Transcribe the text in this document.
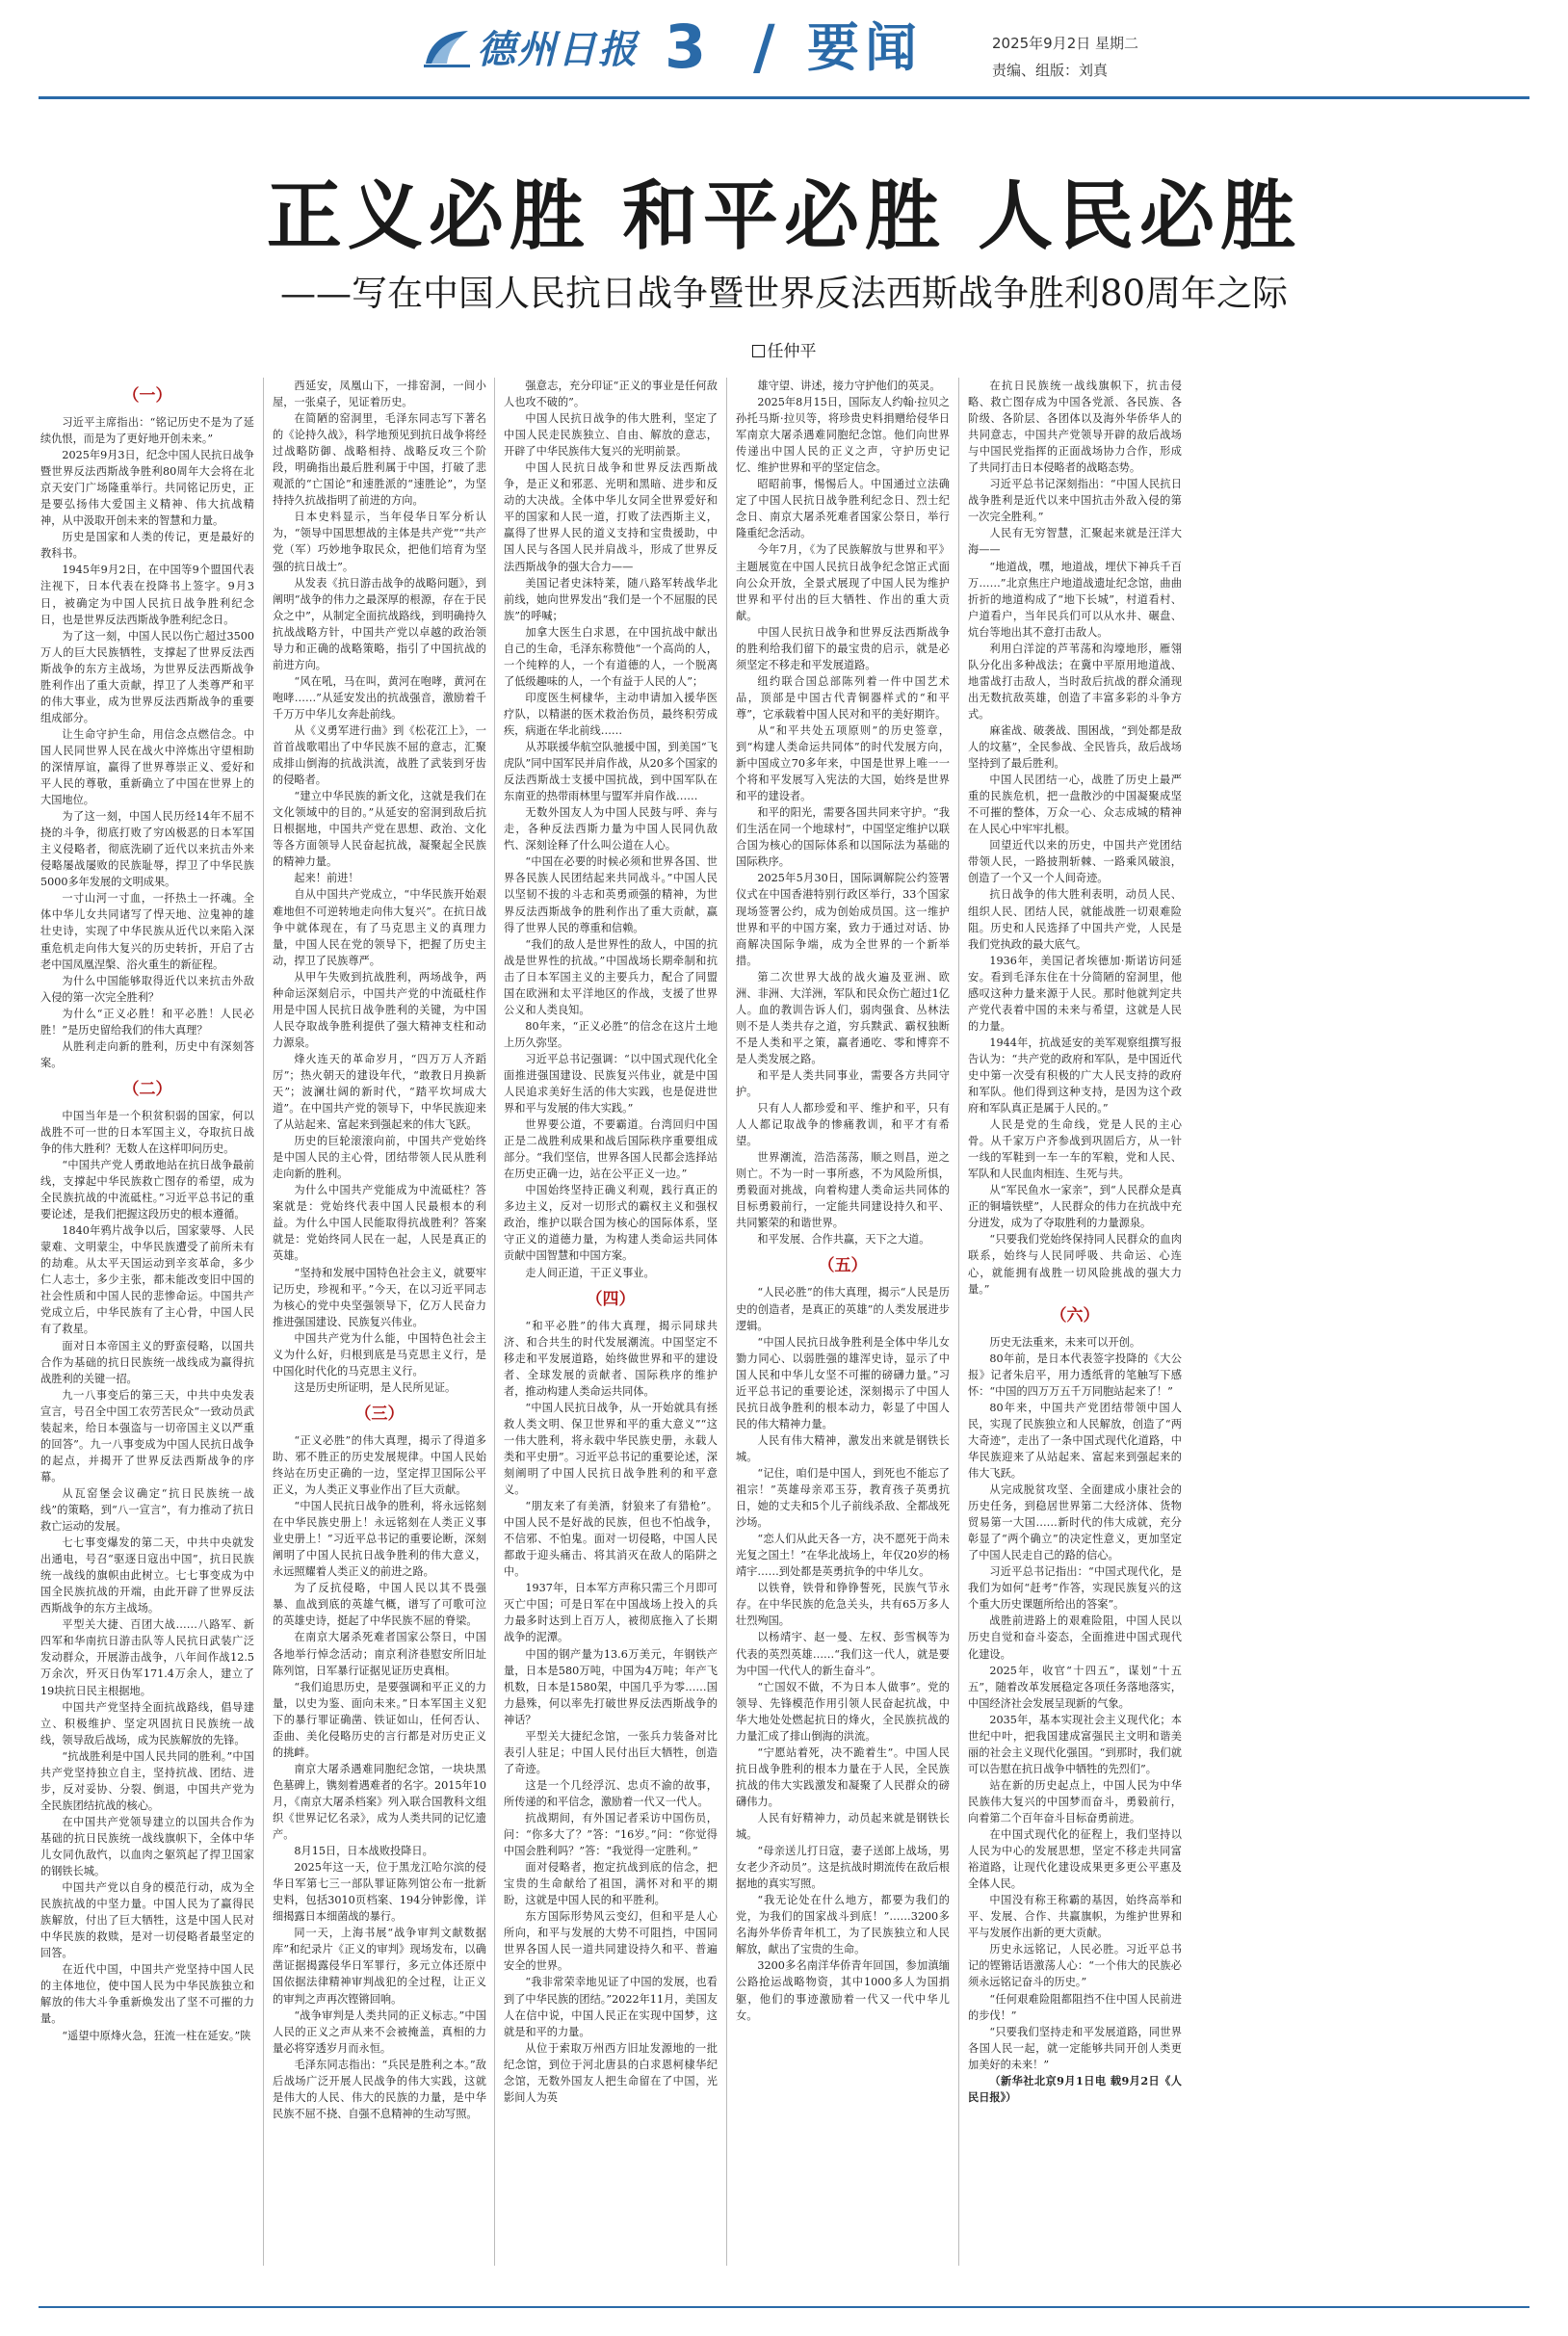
德州日报 3 / 要闻	2025年9月2日 星期二
责编、组版：刘真
正义必胜 和平必胜 人民必胜
——写在中国人民抗日战争暨世界反法西斯战争胜利80周年之际
任仲平

（一）

习近平主席指出：“铭记历史不是为了延续仇恨，而是为了更好地开创未来。”

2025年9月3日，纪念中国人民抗日战争暨世界反法西斯战争胜利80周年大会将在北京天安门广场隆重举行。共同铭记历史，正是要弘扬伟大爱国主义精神、伟大抗战精神，从中汲取开创未来的智慧和力量。

历史是国家和人类的传记，更是最好的教科书。

1945年9月2日，在中国等9个盟国代表注视下，日本代表在投降书上签字。9月3日，被确定为中国人民抗日战争胜利纪念日，也是世界反法西斯战争胜利纪念日。

为了这一刻，中国人民以伤亡超过3500万人的巨大民族牺牲，支撑起了世界反法西斯战争的东方主战场，为世界反法西斯战争胜利作出了重大贡献，捍卫了人类尊严和平的伟大事业，成为世界反法西斯战争的重要组成部分。

让生命守护生命，用信念点燃信念。中国人民同世界人民在战火中淬炼出守望相助的深情厚谊，赢得了世界尊崇正义、爱好和平人民的尊敬，重新确立了中国在世界上的大国地位。

为了这一刻，中国人民历经14年不屈不挠的斗争，彻底打败了穷凶极恶的日本军国主义侵略者，彻底洗刷了近代以来抗击外来侵略屡战屡败的民族耻辱，捍卫了中华民族5000多年发展的文明成果。

一寸山河一寸血，一抔热土一抔魂。全体中华儿女共同诸写了悍天地、泣鬼神的雄壮史诗，实现了中华民族从近代以来陷入深重危机走向伟大复兴的历史转折，开启了古老中国凤凰涅槃、浴火重生的新征程。

为什么中国能够取得近代以来抗击外敌入侵的第一次完全胜利？

为什么“正义必胜！和平必胜！人民必胜！”是历史留给我们的伟大真理？

从胜利走向新的胜利，历史中有深刻答案。

（二）

中国当年是一个积贫积弱的国家，何以战胜不可一世的日本军国主义，夺取抗日战争的伟大胜利？无数人在这样叩问历史。

“中国共产党人勇敢地站在抗日战争最前线，支撑起中华民族救亡图存的希望，成为全民族抗战的中流砥柱。”习近平总书记的重要论述，是我们把握这段历史的根本遵循。

1840年鸦片战争以后，国家蒙辱、人民蒙难、文明蒙尘，中华民族遭受了前所未有的劫难。从太平天国运动到辛亥革命，多少仁人志士，多少主张，都未能改变旧中国的社会性质和中国人民的悲惨命运。中国共产党成立后，中华民族有了主心骨，中国人民有了救星。

面对日本帝国主义的野蛮侵略，以国共合作为基础的抗日民族统一战线成为赢得抗战胜利的关键一招。

九一八事变后的第三天，中共中央发表宣言，号召全中国工农劳苦民众“一致动员武装起来，给日本强盗与一切帝国主义以严重的回答”。九一八事变成为中国人民抗日战争的起点，并揭开了世界反法西斯战争的序幕。

从瓦窑堡会议确定“抗日民族统一战线”的策略，到“八一宣言”，有力推动了抗日救亡运动的发展。

七七事变爆发的第二天，中共中央就发出通电，号召“驱逐日寇出中国”，抗日民族统一战线的旗帜由此树立。七七事变成为中国全民族抗战的开端，由此开辟了世界反法西斯战争的东方主战场。

平型关大捷、百团大战……八路军、新四军和华南抗日游击队等人民抗日武装广泛发动群众，开展游击战争，八年间作战12.5万余次，歼灭日伪军171.4万余人，建立了19块抗日民主根据地。

中国共产党坚持全面抗战路线，倡导建立、积极维护、坚定巩固抗日民族统一战线，领导敌后战场，成为民族解放的先锋。

“抗战胜利是中国人民共同的胜利。”中国共产党坚持独立自主，坚持抗战、团结、进步，反对妥协、分裂、倒退，中国共产党为全民族团结抗战的核心。

在中国共产党领导建立的以国共合作为基础的抗日民族统一战线旗帜下，全体中华儿女同仇敌忾，以血肉之躯筑起了捍卫国家的钢铁长城。

中国共产党以自身的模范行动，成为全民族抗战的中坚力量。中国人民为了赢得民族解放，付出了巨大牺牲，这是中国人民对中华民族的救赎，是对一切侵略者最坚定的回答。

在近代中国，中国共产党坚持中国人民的主体地位，使中国人民为中华民族独立和解放的伟大斗争重新焕发出了坚不可摧的力量。

“遥望中原烽火急，狂流一柱在延安。”陕

西延安，凤凰山下，一排窑洞，一间小屋，一张桌子，见证着历史。

在简陋的窑洞里，毛泽东同志写下著名的《论持久战》，科学地预见到抗日战争将经过战略防御、战略相持、战略反攻三个阶段，明确指出最后胜利属于中国，打破了悲观派的“亡国论”和速胜派的“速胜论”，为坚持持久抗战指明了前进的方向。

日本史料显示，当年侵华日军分析认为，“领导中国思想战的主体是共产党”“共产党（军）巧妙地争取民众，把他们培育为坚强的抗日战士”。

从发表《抗日游击战争的战略问题》，到阐明“战争的伟力之最深厚的根源，存在于民众之中”，从制定全面抗战路线，到明确持久抗战战略方针，中国共产党以卓越的政治领导力和正确的战略策略，指引了中国抗战的前进方向。

“风在吼，马在叫，黄河在咆哮，黄河在咆哮……”从延安发出的抗战强音，激励着千千万万中华儿女奔赴前线。

从《义勇军进行曲》到《松花江上》，一首首战歌唱出了中华民族不屈的意志，汇聚成排山倒海的抗战洪流，战胜了武装到牙齿的侵略者。

“建立中华民族的新文化，这就是我们在文化领域中的目的。”从延安的窑洞到敌后抗日根据地，中国共产党在思想、政治、文化等各方面领导人民奋起抗战，凝聚起全民族的精神力量。

起来！前进！

自从中国共产党成立，“中华民族开始艰难地但不可逆转地走向伟大复兴”。在抗日战争中就体现在，有了马克思主义的真理力量，中国人民在党的领导下，把握了历史主动，捍卫了民族尊严。

从甲午失败到抗战胜利，两场战争，两种命运深刻启示，中国共产党的中流砥柱作用是中国人民抗日战争胜利的关键，为中国人民夺取战争胜利提供了强大精神支柱和动力源泉。

烽火连天的革命岁月，“四万万人齐蹈厉”；热火朝天的建设年代，“敢教日月换新天”；波澜壮阔的新时代，“踏平坎坷成大道”。在中国共产党的领导下，中华民族迎来了从站起来、富起来到强起来的伟大飞跃。

历史的巨轮滚滚向前，中国共产党始终是中国人民的主心骨，团结带领人民从胜利走向新的胜利。

为什么中国共产党能成为中流砥柱？答案就是：党始终代表中国人民最根本的利益。为什么中国人民能取得抗战胜利？答案就是：党始终同人民在一起，人民是真正的英雄。

“坚持和发展中国特色社会主义，就要牢记历史，珍视和平。”今天，在以习近平同志为核心的党中央坚强领导下，亿万人民奋力推进强国建设、民族复兴伟业。

中国共产党为什么能，中国特色社会主义为什么好，归根到底是马克思主义行，是中国化时代化的马克思主义行。

这是历史所证明，是人民所见证。

（三）

“正义必胜”的伟大真理，揭示了得道多助、邪不胜正的历史发展规律。中国人民始终站在历史正确的一边，坚定捍卫国际公平正义，为人类正义事业作出了巨大贡献。

“中国人民抗日战争的胜利，将永远铭刻在中华民族史册上！永远铭刻在人类正义事业史册上！”习近平总书记的重要论断，深刻阐明了中国人民抗日战争胜利的伟大意义，永远照耀着人类正义的前进之路。

为了反抗侵略，中国人民以其不畏强暴、血战到底的英雄气概，谱写了可歌可泣的英雄史诗，挺起了中华民族不屈的脊梁。

在南京大屠杀死难者国家公祭日，中国各地举行悼念活动；南京利济巷慰安所旧址陈列馆，日军暴行证据见证历史真相。

“我们追思历史，是要强调和平正义的力量，以史为鉴、面向未来。”日本军国主义犯下的暴行罪证确凿、铁证如山，任何否认、歪曲、美化侵略历史的言行都是对历史正义的挑衅。

南京大屠杀遇难同胞纪念馆，一块块黑色墓碑上，镌刻着遇难者的名字。2015年10月，《南京大屠杀档案》列入联合国教科文组织《世界记忆名录》，成为人类共同的记忆遗产。

8月15日，日本战败投降日。

2025年这一天，位于黑龙江哈尔滨的侵华日军第七三一部队罪证陈列馆公布一批新史料，包括3010页档案、194分钟影像，详细揭露日本细菌战的暴行。

同一天，上海书展“战争审判文献数据库”和纪录片《正义的审判》现场发布，以确凿证据揭露侵华日军罪行，多元立体还原中国依据法律精神审判战犯的全过程，让正义的审判之声再次铿锵回响。

“战争审判是人类共同的正义标志。”中国人民的正义之声从来不会被掩盖，真相的力量必将穿透岁月而永恒。

毛泽东同志指出：“兵民是胜利之本。”敌后战场广泛开展人民战争的伟大实践，这就是伟大的人民、伟大的民族的力量，是中华民族不屈不挠、自强不息精神的生动写照。

强意志，充分印证“正义的事业是任何敌人也攻不破的”。

中国人民抗日战争的伟大胜利，坚定了中国人民走民族独立、自由、解放的意志，开辟了中华民族伟大复兴的光明前景。

中国人民抗日战争和世界反法西斯战争，是正义和邪恶、光明和黑暗、进步和反动的大决战。全体中华儿女同全世界爱好和平的国家和人民一道，打败了法西斯主义，赢得了世界人民的道义支持和宝贵援助，中国人民与各国人民并肩战斗，形成了世界反法西斯战争的强大合力——

美国记者史沫特莱，随八路军转战华北前线，她向世界发出“我们是一个不屈服的民族”的呼喊；

加拿大医生白求恩，在中国抗战中献出自己的生命，毛泽东称赞他“一个高尚的人，一个纯粹的人，一个有道德的人，一个脱离了低级趣味的人，一个有益于人民的人”；

印度医生柯棣华，主动申请加入援华医疗队，以精湛的医术救治伤员，最终积劳成疾，病逝在华北前线……

从苏联援华航空队驰援中国，到美国“飞虎队”同中国军民并肩作战，从20多个国家的反法西斯战士支援中国抗战，到中国军队在东南亚的热带雨林里与盟军并肩作战……

无数外国友人为中国人民鼓与呼、奔与走，各种反法西斯力量为中国人民同仇敌忾、深刻诠释了什么叫公道在人心。

“中国在必要的时候必须和世界各国、世界各民族人民团结起来共同战斗。”中国人民以坚韧不拔的斗志和英勇顽强的精神，为世界反法西斯战争的胜利作出了重大贡献，赢得了世界人民的尊重和信赖。

“我们的敌人是世界性的敌人，中国的抗战是世界性的抗战。”中国战场长期牵制和抗击了日本军国主义的主要兵力，配合了同盟国在欧洲和太平洋地区的作战，支援了世界公义和人类良知。

80年来，“正义必胜”的信念在这片土地上历久弥坚。

习近平总书记强调：“以中国式现代化全面推进强国建设、民族复兴伟业，就是中国人民追求美好生活的伟大实践，也是促进世界和平与发展的伟大实践。”

世界要公道，不要霸道。台湾回归中国正是二战胜利成果和战后国际秩序重要组成部分。“我们坚信，世界各国人民都会选择站在历史正确一边，站在公平正义一边。”

中国始终坚持正确义利观，践行真正的多边主义，反对一切形式的霸权主义和强权政治，维护以联合国为核心的国际体系，坚守正义的道德力量，为构建人类命运共同体贡献中国智慧和中国方案。

走人间正道，干正义事业。

（四）

“和平必胜”的伟大真理，揭示同球共济、和合共生的时代发展潮流。中国坚定不移走和平发展道路，始终做世界和平的建设者、全球发展的贡献者、国际秩序的维护者，推动构建人类命运共同体。

“中国人民抗日战争，从一开始就具有拯救人类文明、保卫世界和平的重大意义”“这一伟大胜利，将永载中华民族史册，永载人类和平史册”。习近平总书记的重要论述，深刻阐明了中国人民抗日战争胜利的和平意义。

“朋友来了有美酒，豺狼来了有猎枪”。中国人民不是好战的民族，但也不怕战争，不信邪、不怕鬼。面对一切侵略，中国人民都敢于迎头痛击、将其消灭在敌人的陷阱之中。

1937年，日本军方声称只需三个月即可灭亡中国；可是日军在中国战场上投入的兵力最多时达到上百万人，被彻底拖入了长期战争的泥潭。

中国的钢产量为13.6万美元，年钢铁产量，日本是580万吨，中国为4万吨；年产飞机数，日本是1580架，中国几乎为零……国力悬殊，何以率先打破世界反法西斯战争的神话？

平型关大捷纪念馆，一张兵力装备对比表引人驻足；中国人民付出巨大牺牲，创造了奇迹。

这是一个几经浮沉、忠贞不渝的故事，所传递的和平信念，激励着一代又一代人。

抗战期间，有外国记者采访中国伤员，问：“你多大了？”答：“16岁。”问：“你觉得中国会胜利吗？”答：“我觉得一定胜利。”

面对侵略者，抱定抗战到底的信念，把宝贵的生命献给了祖国，满怀对和平的期盼，这就是中国人民的和平胜利。

东方国际形势风云变幻，但和平是人心所向，和平与发展的大势不可阻挡，中国同世界各国人民一道共同建设持久和平、普遍安全的世界。

“我非常荣幸地见证了中国的发展，也看到了中华民族的团结。”2022年11月，美国友人在信中说，中国人民正在实现中国梦，这就是和平的力量。

从位于索取万州西方旧址发源地的一批纪念馆，到位于河北唐县的白求恩柯棣华纪念馆，无数外国友人把生命留在了中国，光影间人为英

雄守望、讲述，接力守护他们的英灵。

2025年8月15日，国际友人约翰·拉贝之孙托马斯·拉贝等，将珍贵史料捐赠给侵华日军南京大屠杀遇难同胞纪念馆。他们向世界传递出中国人民的正义之声，守护历史记忆、维护世界和平的坚定信念。

昭昭前事，惕惕后人。中国通过立法确定了中国人民抗日战争胜利纪念日、烈士纪念日、南京大屠杀死难者国家公祭日，举行隆重纪念活动。

今年7月，《为了民族解放与世界和平》主题展览在中国人民抗日战争纪念馆正式面向公众开放，全景式展现了中国人民为维护世界和平付出的巨大牺牲、作出的重大贡献。

中国人民抗日战争和世界反法西斯战争的胜利给我们留下的最宝贵的启示，就是必须坚定不移走和平发展道路。

纽约联合国总部陈列着一件中国艺术品，顶部是中国古代青铜器样式的“和平尊”，它承载着中国人民对和平的美好期许。

从“和平共处五项原则”的历史签章，到“构建人类命运共同体”的时代发展方向，新中国成立70多年来，中国是世界上唯一一个将和平发展写入宪法的大国，始终是世界和平的建设者。

和平的阳光，需要各国共同来守护。“我们生活在同一个地球村”，中国坚定维护以联合国为核心的国际体系和以国际法为基础的国际秩序。

2025年5月30日，国际调解院公约签署仪式在中国香港特别行政区举行，33个国家现场签署公约，成为创始成员国。这一维护世界和平的中国方案，致力于通过对话、协商解决国际争端，成为全世界的一个新举措。

第二次世界大战的战火遍及亚洲、欧洲、非洲、大洋洲，军队和民众伤亡超过1亿人。血的教训告诉人们，弱肉强食、丛林法则不是人类共存之道，穷兵黩武、霸权独断不是人类和平之策，赢者通吃、零和博弈不是人类发展之路。

和平是人类共同事业，需要各方共同守护。

只有人人都珍爱和平、维护和平，只有人人都记取战争的惨痛教训，和平才有希望。

世界潮流，浩浩荡荡，顺之则昌，逆之则亡。不为一时一事所惑，不为风险所惧，勇毅面对挑战，向着构建人类命运共同体的目标勇毅前行，一定能共同建设持久和平、共同繁荣的和谐世界。

和平发展、合作共赢，天下之大道。

（五）

“人民必胜”的伟大真理，揭示“人民是历史的创造者，是真正的英雄”的人类发展进步逻辑。

“中国人民抗日战争胜利是全体中华儿女勠力同心、以弱胜强的雄浑史诗，显示了中国人民和中华儿女坚不可摧的磅礴力量。”习近平总书记的重要论述，深刻揭示了中国人民抗日战争胜利的根本动力，彰显了中国人民的伟大精神力量。

人民有伟大精神，激发出来就是钢铁长城。

“记住，咱们是中国人，到死也不能忘了祖宗！”英雄母亲邓玉芬，教育孩子英勇抗日，她的丈夫和5个儿子前线杀敌、全都战死沙场。

“恋人们从此天各一方，决不愿死于尚未光复之国土！”在华北战场上，年仅20岁的杨靖宇……到处都是英勇抗争的中华儿女。

以铁脊，铁骨和铮铮誓死，民族气节永存。在中华民族的危急关头，共有65万多人壮烈殉国。

以杨靖宇、赵一曼、左权、彭雪枫等为代表的英烈英雄……“我们这一代人，就是要为中国一代代人的新生奋斗”。

“亡国奴不做，不为日本人做事”。党的领导、先锋模范作用引领人民奋起抗战，中华大地处处燃起抗日的烽火，全民族抗战的力量汇成了排山倒海的洪流。

“宁愿站着死，决不跪着生”。中国人民抗日战争胜利的根本力量在于人民，全民族抗战的伟大实践激发和凝聚了人民群众的磅礴伟力。

人民有好精神力，动员起来就是钢铁长城。

“母亲送儿打日寇，妻子送郎上战场，男女老少齐动员”。这是抗战时期流传在敌后根据地的真实写照。

“我无论处在什么地方，都要为我们的党，为我们的国家战斗到底！”……3200多名海外华侨青年机工，为了民族独立和人民解放，献出了宝贵的生命。

3200多名南洋华侨青年回国，参加滇缅公路抢运战略物资，其中1000多人为国捐躯，他们的事迹激励着一代又一代中华儿女。

在抗日民族统一战线旗帜下，抗击侵略、救亡图存成为中国各党派、各民族、各阶级、各阶层、各团体以及海外华侨华人的共同意志，中国共产党领导开辟的敌后战场与中国民党指挥的正面战场协力合作，形成了共同打击日本侵略者的战略态势。

习近平总书记深刻指出：“中国人民抗日战争胜利是近代以来中国抗击外敌入侵的第一次完全胜利。”

人民有无穷智慧，汇聚起来就是汪洋大海——

“地道战，嘿，地道战，埋伏下神兵千百万……”北京焦庄户地道战遗址纪念馆，曲曲折折的地道构成了“地下长城”，村道看村、户道看户，当年民兵们可以从水井、碾盘、炕台等地出其不意打击敌人。

利用白洋淀的芦苇荡和沟壕地形，雁翎队分化出多种战法；在冀中平原用地道战、地雷战打击敌人，当时敌后抗战的群众涌现出无数抗敌英雄，创造了丰富多彩的斗争方式。

麻雀战、破袭战、围困战，“到处都是敌人的坟墓”，全民参战、全民皆兵，敌后战场坚持到了最后胜利。

中国人民团结一心，战胜了历史上最严重的民族危机，把一盘散沙的中国凝聚成坚不可摧的整体，万众一心、众志成城的精神在人民心中牢牢扎根。

回望近代以来的历史，中国共产党团结带领人民，一路披荆斩棘、一路乘风破浪，创造了一个又一个人间奇迹。

抗日战争的伟大胜利表明，动员人民、组织人民、团结人民，就能战胜一切艰难险阻。历史和人民选择了中国共产党，人民是我们党执政的最大底气。

1936年，美国记者埃德加·斯诺访问延安。看到毛泽东住在十分简陋的窑洞里，他感叹这种力量来源于人民。那时他就判定共产党代表着中国的未来与希望，这就是人民的力量。

1944年，抗战延安的美军观察组撰写报告认为：“共产党的政府和军队，是中国近代史中第一次受有积极的广大人民支持的政府和军队。他们得到这种支持，是因为这个政府和军队真正是属于人民的。”

人民是党的生命线，党是人民的主心骨。从千家万户齐参战到巩固后方，从一针一线的军鞋到一车一车的军粮，党和人民、军队和人民血肉相连、生死与共。

从“军民鱼水一家亲”，到“人民群众是真正的铜墙铁壁”，人民群众的伟力在抗战中充分迸发，成为了夺取胜利的力量源泉。

“只要我们党始终保持同人民群众的血肉联系，始终与人民同呼吸、共命运、心连心，就能拥有战胜一切风险挑战的强大力量。”

（六）

历史无法重来，未来可以开创。

80年前，是日本代表签字投降的《大公报》记者朱启平，用力透纸背的笔触写下感怀：“中国的四万万五千万同胞站起来了！”

80年来，中国共产党团结带领中国人民，实现了民族独立和人民解放，创造了“两大奇迹”，走出了一条中国式现代化道路，中华民族迎来了从站起来、富起来到强起来的伟大飞跃。

从完成脱贫攻坚、全面建成小康社会的历史任务，到稳居世界第二大经济体、货物贸易第一大国……新时代的伟大成就，充分彰显了“两个确立”的决定性意义，更加坚定了中国人民走自己的路的信心。

习近平总书记指出：“中国式现代化，是我们为如何“赶考”作答，实现民族复兴的这个重大历史课题所给出的答案”。

战胜前进路上的艰难险阻，中国人民以历史自觉和奋斗姿态，全面推进中国式现代化建设。

2025年，收官“十四五”，谋划“十五五”，随着改革发展稳定各项任务落地落实，中国经济社会发展呈现新的气象。

2035年，基本实现社会主义现代化；本世纪中叶，把我国建成富强民主文明和谐美丽的社会主义现代化强国。“到那时，我们就可以告慰在抗日战争中牺牲的先烈们”。

站在新的历史起点上，中国人民为中华民族伟大复兴的中国梦而奋斗，勇毅前行，向着第二个百年奋斗目标奋勇前进。

在中国式现代化的征程上，我们坚持以人民为中心的发展思想，坚定不移走共同富裕道路，让现代化建设成果更多更公平惠及全体人民。

中国没有称王称霸的基因，始终高举和平、发展、合作、共赢旗帜，为维护世界和平与发展作出新的更大贡献。

历史永远铭记，人民必胜。习近平总书记的铿锵话语激荡人心：“一个伟大的民族必须永远铭记奋斗的历史。”

“任何艰难险阻都阻挡不住中国人民前进的步伐！”

“只要我们坚持走和平发展道路，同世界各国人民一起，就一定能够共同开创人类更加美好的未来！”

（新华社北京9月1日电 载9月2日《人民日报》）
